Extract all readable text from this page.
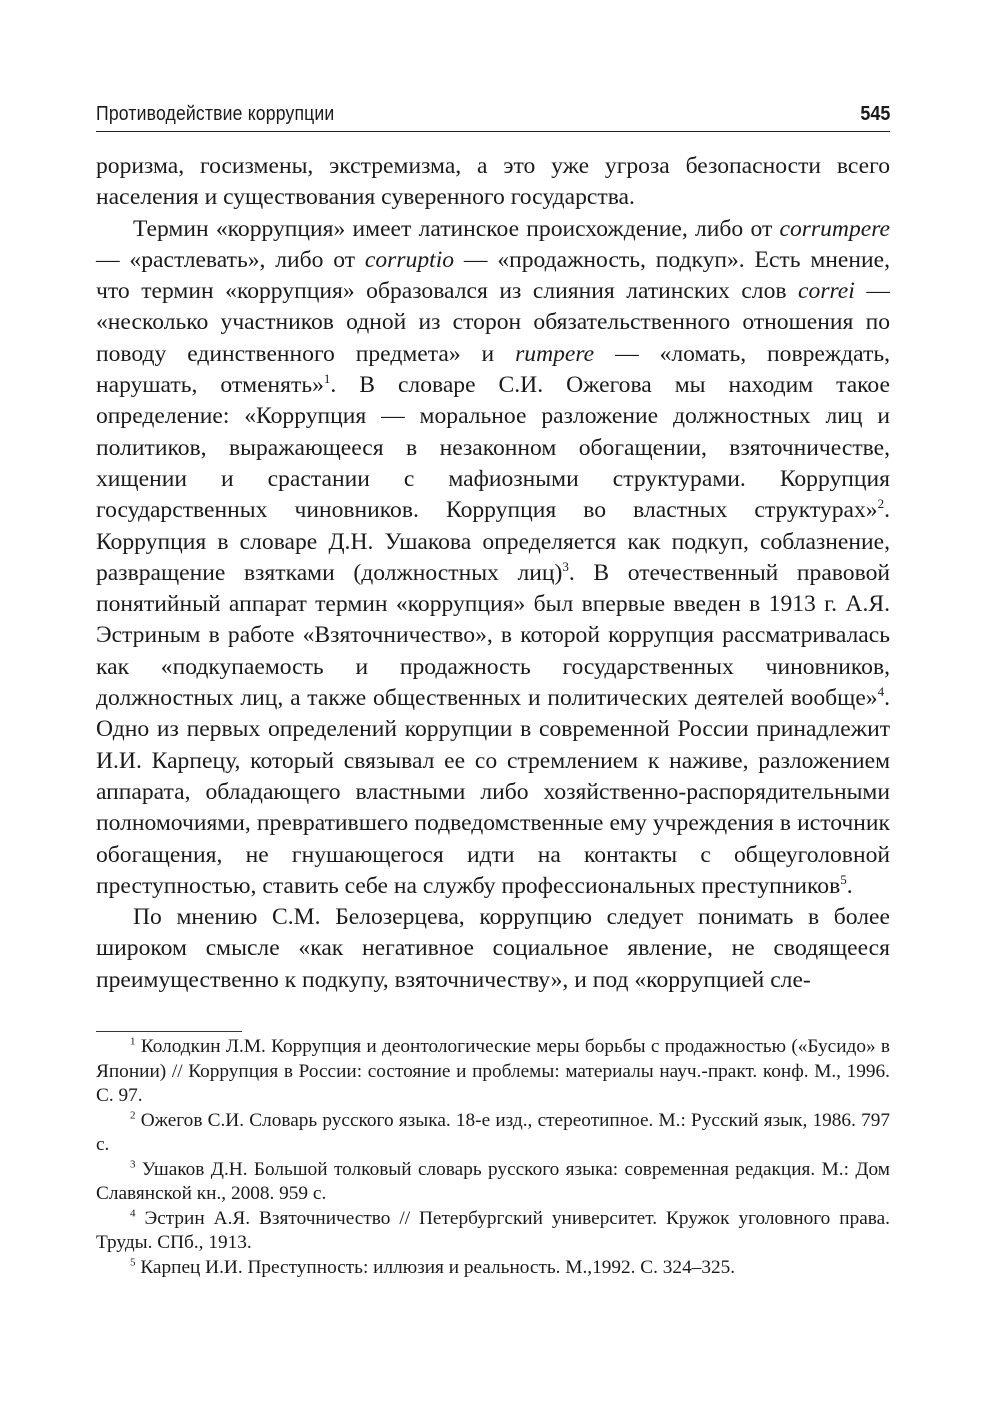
Противодействие коррупции	545

роризма, госизмены, экстремизма, а это уже угроза безопасности всего населения и существования суверенного государства.

Термин «коррупция» имеет латинское происхождение, либо от corrumpere — «растлевать», либо от corruptio — «продажность, подкуп». Есть мнение, что термин «коррупция» образовался из слияния латинских слов correi — «несколько участников одной из сторон обязательственного отношения по поводу единственного предмета» и rumpere — «ломать, повреждать, нарушать, отменять»$^1$. В словаре С.И. Ожегова мы находим такое определение: «Коррупция — моральное разложение должностных лиц и политиков, выражающееся в незаконном обогащении, взяточничестве, хищении и срастании с мафиозными структурами. Коррупция государственных чиновников. Коррупция во властных структурах»$^2$. Коррупция в словаре Д.Н. Ушакова определяется как подкуп, соблазнение, развращение взятками (должностных лиц)$^3$. В отечественный правовой понятийный аппарат термин «коррупция» был впервые введен в 1913 г. А.Я. Эстриным в работе «Взяточничество», в которой коррупция рассматривалась как «подкупаемость и продажность государственных чиновников, должностных лиц, а также общественных и политических деятелей вообще»$^4$. Одно из первых определений коррупции в современной России принадлежит И.И. Карпецу, который связывал ее со стремлением к наживе, разложением аппарата, обладающего властными либо хозяйственно-распорядительными полномочиями, превратившего подведомственные ему учреждения в источник обогащения, не гнушающегося идти на контакты с общеуголовной преступностью, ставить себе на службу профессиональных преступников$^5$.

По мнению С.М. Белозерцева, коррупцию следует понимать в более широком смысле «как негативное социальное явление, не сводящееся преимущественно к подкупу, взяточничеству», и под «коррупцией сле-

$^1$ Колодкин Л.М. Коррупция и деонтологические меры борьбы с продажностью («Бусидо» в Японии) // Коррупция в России: состояние и проблемы: материалы науч.-практ. конф. М., 1996. С. 97.

$^2$ Ожегов С.И. Словарь русского языка. 18-е изд., стереотипное. М.: Русский язык, 1986. 797 с.

$^3$ Ушаков Д.Н. Большой толковый словарь русского языка: современная редакция. М.: Дом Славянской кн., 2008. 959 с.

$^4$ Эстрин А.Я. Взяточничество // Петербургский университет. Кружок уголовного права. Труды. СПб., 1913.

$^5$ Карпец И.И. Преступность: иллюзия и реальность. М.,1992. С. 324–325.
